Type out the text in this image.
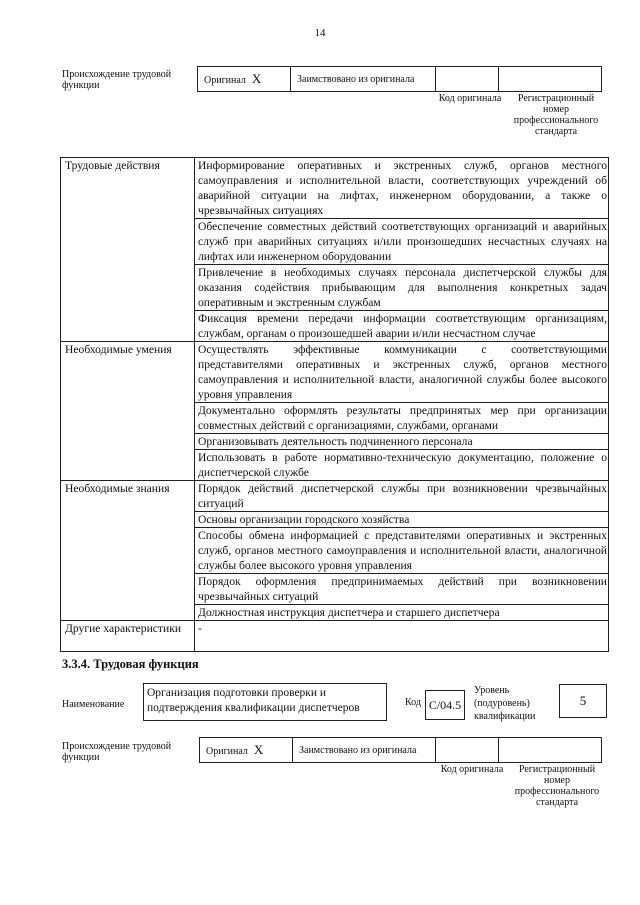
14
Происхождение трудовой функции	Оригинал X	Заимствовано из оригинала		
Код оригинала	Регистрационный номер профессионального стандарта
Трудовые действия	Информирование оперативных и экстренных служб, органов местного самоуправления и исполнительной власти, соответствующих учреждений об аварийной ситуации на лифтах, инженерном оборудовании, а также о чрезвычайных ситуациях
	Обеспечение совместных действий соответствующих организаций и аварийных служб при аварийных ситуациях и/или произошедших несчастных случаях на лифтах или инженерном оборудовании
	Привлечение в необходимых случаях персонала диспетчерской службы для оказания содействия прибывающим для выполнения конкретных задач оперативным и экстренным службам
	Фиксация времени передачи информации соответствующим организациям, службам, органам о произошедшей аварии и/или несчастном случае
Необходимые умения	Осуществлять эффективные коммуникации с соответствующими представителями оперативных и экстренных служб, органов местного самоуправления и исполнительной власти, аналогичной службы более высокого уровня управления
	Документально оформлять результаты предпринятых мер при организации совместных действий с организациями, службами, органами
	Организовывать деятельность подчиненного персонала
	Использовать в работе нормативно-техническую документацию, положение о диспетчерской службе
Необходимые знания	Порядок действий диспетчерской службы при возникновении чрезвычайных ситуаций
	Основы организации городского хозяйства
	Способы обмена информацией с представителями оперативных и экстренных служб, органов местного самоуправления и исполнительной власти, аналогичной службы более высокого уровня управления
	Порядок оформления предпринимаемых действий при возникновении чрезвычайных ситуаций
	Должностная инструкция диспетчера и старшего диспетчера
Другие характеристики	-
3.3.4. Трудовая функция
Наименование
Организация подготовки проверки и подтверждения квалификации диспетчеров	Код C/04.5
Уровень (подуровень) квалификации
5
Происхождение трудовой функции
Оригинал X	Заимствовано из оригинала		
Код оригинала	Регистрационный номер профессионального стандарта
